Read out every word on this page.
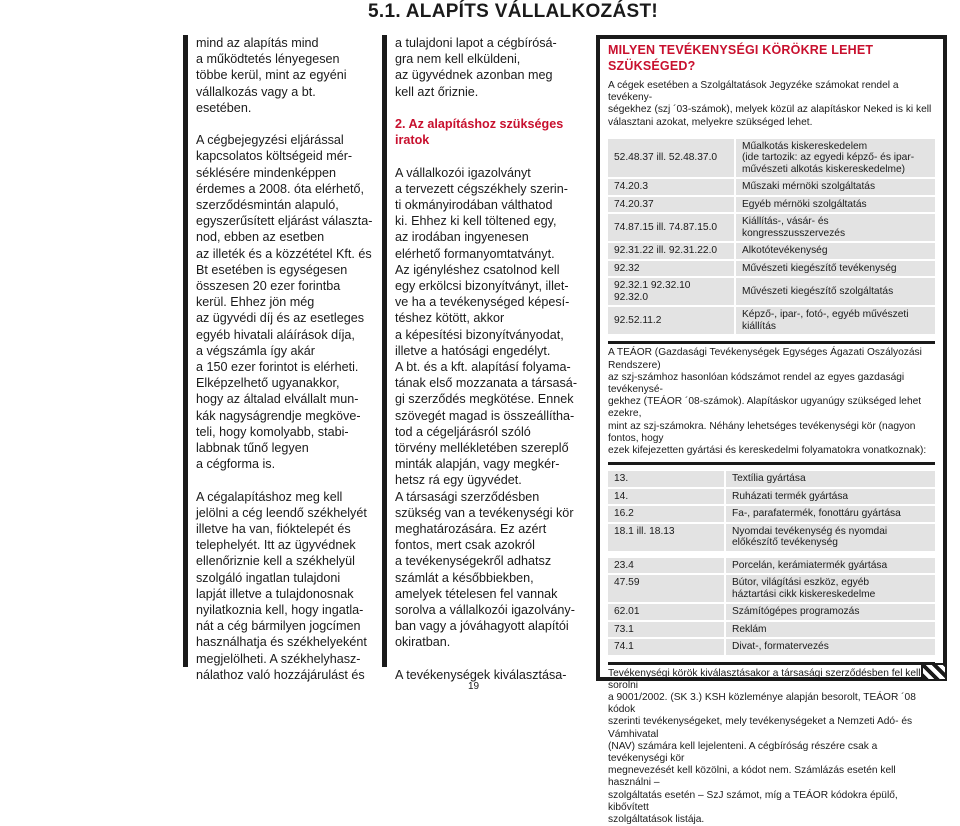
5.1. ALAPÍTS VÁLLALKOZÁST!

mind az alapítás mind
a működtetés lényegesen
többe kerül, mint az egyéni
vállalkozás vagy a bt.
esetében.

A cégbejegyzési eljárással
kapcsolatos költségeid mér-
séklésére mindenképpen
érdemes a 2008. óta elérhető,
szerződésmintán alapuló,
egyszerűsített eljárást választa-
nod, ebben az esetben
az illeték és a közzététel Kft. és
Bt esetében is egységesen
összesen 20 ezer forintba
kerül. Ehhez jön még
az ügyvédi díj és az esetleges
egyéb hivatali aláírások díja,
a végszámla így akár
a 150 ezer forintot is elérheti.
Elképzelhető ugyanakkor,
hogy az általad elvállalt mun-
kák nagyságrendje megköve-
teli, hogy komolyabb, stabi-
labbnak tűnő legyen
a cégforma is.

A cégalapításhoz meg kell
jelölni a cég leendő székhelyét
illetve ha van, fióktelepét és
telephelyét. Itt az ügyvédnek
ellenőriznie kell a székhelyül
szolgáló ingatlan tulajdoni
lapját illetve a tulajdonosnak
nyilatkoznia kell, hogy ingatla-
nát a cég bármilyen jogcímen
használhatja és székhelyeként
megjelölheti. A székhelyhasz-
nálathoz való hozzájárulást és

a tulajdoni lapot a cégbírósá-
gra nem kell elküldeni,
az ügyvédnek azonban meg
kell azt őriznie.

2. Az alapításhoz szükséges
iratok

A vállalkozói igazolványt
a tervezett cégszékhely szerin-
ti okmányirodában válthatod
ki. Ehhez ki kell töltened egy,
az irodában ingyenesen
elérhető formanyomtatványt.
Az igényléshez csatolnod kell
egy erkölcsi bizonyítványt, illet-
ve ha a tevékenységed képesí-
téshez kötött, akkor
a képesítési bizonyítványodat,
illetve a hatósági engedélyt.
A bt. és a kft. alapításí folyama-
tának első mozzanata a társasá-
gi szerződés megkötése. Ennek
szövegét magad is összeállítha-
tod a cégeljárásról szóló
törvény mellékletében szereplő
minták alapján, vagy megkér-
hetsz rá egy ügyvédet.
A társasági szerződésben
szükség van a tevékenységi kör
meghatározására. Ez azért
fontos, mert csak azokról
a tevékenységekről adhatsz
számlát a későbbiekben,
amelyek tételesen fel vannak
sorolva a vállalkozói igazolvány-
ban vagy a jóváhagyott alapítói
okiratban.

A tevékenységek kiválasztása-

MILYEN TEVÉKENYSÉGI KÖRÖKRE LEHET SZÜKSÉGED?
A cégek esetében a Szolgáltatások Jegyzéke számokat rendel a tevékeny-
ségekhez (szj ´03-számok), melyek közül az alapításkor Neked is ki kell
választani azokat, melyekre szükséged lehet.
52.48.37 ill. 52.48.37.0	Műalkotás kiskereskedelem
(ide tartozik: az egyedi képző- és ipar-
művészeti alkotás kiskereskedelme)
74.20.3	Műszaki mérnöki szolgáltatás
74.20.37	Egyéb mérnöki szolgáltatás
74.87.15 ill. 74.87.15.0	Kiállítás-, vásár- és kongresszusszervezés
92.31.22 ill. 92.31.22.0	Alkotótevékenység
92.32	Művészeti kiegészítő tevékenység
92.32.1 92.32.10
92.32.0	Művészeti kiegészítő szolgáltatás
92.52.11.2	Képző-, ipar-, fotó-, egyéb művészeti
kiállítás
A TEÁOR (Gazdasági Tevékenységek Egységes Ágazati Oszályozási Rendszere)
az szj-számhoz hasonlóan kódszámot rendel az egyes gazdasági tevékenysé-
gekhez (TEÁOR ´08-számok). Alapításkor ugyanúgy szükséged lehet ezekre,
mint az szj-számokra. Néhány lehetséges tevékenységi kör (nagyon fontos, hogy
ezek kifejezetten gyártási és kereskedelmi folyamatokra vonatkoznak):
13.	Textília gyártása
14.	Ruházati termék gyártása
16.2	Fa-, parafatermék, fonottáru gyártása
18.1 ill. 18.13	Nyomdai tevékenység és nyomdai
előkészítő tevékenység

23.4	Porcelán, kerámiatermék gyártása
47.59	Bútor, világítási eszköz, egyéb
háztartási cikk kiskereskedelme
62.01	Számítógépes programozás
73.1	Reklám
74.1	Divat-, formatervezés
Tevékenységi körök kiválasztásakor a társasági szerződésben fel kell sorolni
a 9001/2002. (SK 3.) KSH közleménye alapján besorolt, TEÁOR ´08 kódok
szerinti tevékenységeket, mely tevékenységeket a Nemzeti Adó- és Vámhivatal
(NAV) számára kell lejelenteni. A cégbíróság részére csak a tevékenységi kör
megnevezését kell közölni, a kódot nem. Számlázás esetén kell használni –
szolgáltatás esetén – SzJ számot, míg a TEÁOR kódokra épülő, kibővített
szolgáltatások listája.
19
